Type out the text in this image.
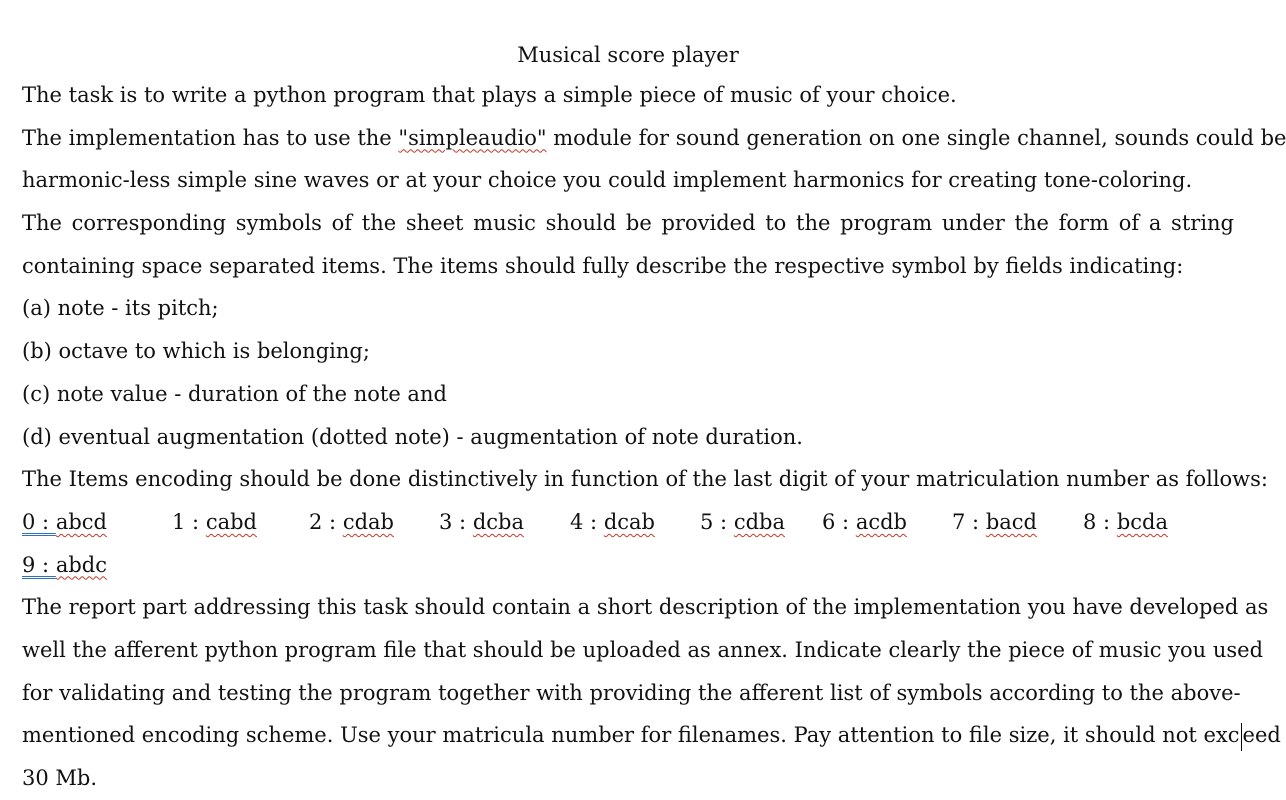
Musical score player
The task is to write a python program that plays a simple piece of music of your choice.
The implementation has to use the "simpleaudio" module for sound generation on one single channel, sounds could be
harmonic-less simple sine waves or at your choice you could implement harmonics for creating tone-coloring.
The corresponding symbols of the sheet music should be provided to the program under the form of a string
containing space separated items. The items should fully describe the respective symbol by fields indicating:
(a) note - its pitch;
(b) octave to which is belonging;
(c) note value - duration of the note and
(d) eventual augmentation (dotted note) - augmentation of note duration.
The Items encoding should be done distinctively in function of the last digit of your matriculation number as follows:
0 : abcd	1 : cabd 2 : cdab 3 : dcba 4 : dcab 5 : cdba 6 : acdb 7 : bacd 8 : bcda
9 : abdc
The report part addressing this task should contain a short description of the implementation you have developed as
well the afferent python program file that should be uploaded as annex. Indicate clearly the piece of music you used
for validating and testing the program together with providing the afferent list of symbols according to the above-
mentioned encoding scheme. Use your matricula number for filenames. Pay attention to file size, it should not exc eed
30 Mb.
